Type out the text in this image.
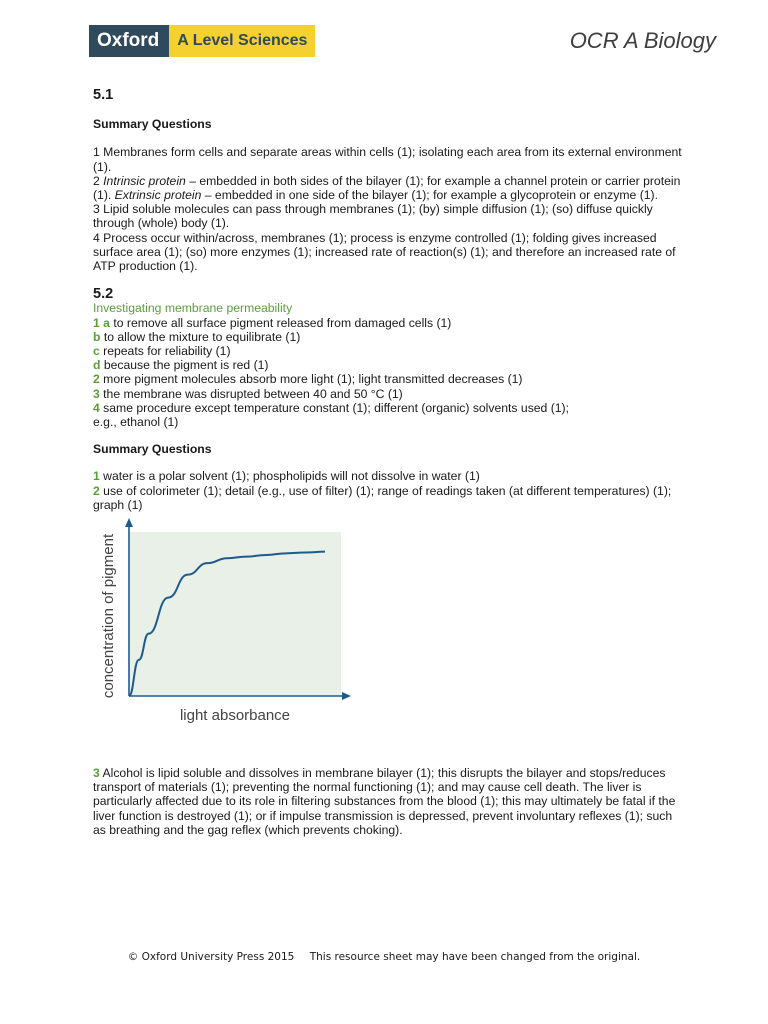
Oxford	A Level Sciences	OCR A Biology

5.1

Summary Questions

1 Membranes form cells and separate areas within cells (1); isolating each area from its external environment (1).

2 Intrinsic protein – embedded in both sides of the bilayer (1); for example a channel protein or carrier protein (1). Extrinsic protein – embedded in one side of the bilayer (1); for example a glycoprotein or enzyme (1).

3 Lipid soluble molecules can pass through membranes (1); (by) simple diffusion (1); (so) diffuse quickly through (whole) body (1).

4 Process occur within/across, membranes (1); process is enzyme controlled (1); folding gives increased surface area (1); (so) more enzymes (1); increased rate of reaction(s) (1); and therefore an increased rate of ATP production (1).

5.2

Investigating membrane permeability

1 a to remove all surface pigment released from damaged cells (1)

b to allow the mixture to equilibrate (1)

c repeats for reliability (1)

d because the pigment is red (1)

2 more pigment molecules absorb more light (1); light transmitted decreases (1)

3 the membrane was disrupted between 40 and 50 °C (1)

4 same procedure except temperature constant (1); different (organic) solvents used (1);

e.g., ethanol (1)

Summary Questions

1 water is a polar solvent (1); phospholipids will not dissolve in water (1)

2 use of colorimeter (1); detail (e.g., use of filter) (1); range of readings taken (at different temperatures) (1); graph (1)

light absorbance
concentration of pigment

3 Alcohol is lipid soluble and dissolves in membrane bilayer (1); this disrupts the bilayer and stops/reduces transport of materials (1); preventing the normal functioning (1); and may cause cell death. The liver is particularly affected due to its role in filtering substances from the blood (1); this may ultimately be fatal if the liver function is destroyed (1); or if impulse transmission is depressed, prevent involuntary reflexes (1); such as breathing and the gag reflex (which prevents choking).

© Oxford University Press 2015 This resource sheet may have been changed from the original.
